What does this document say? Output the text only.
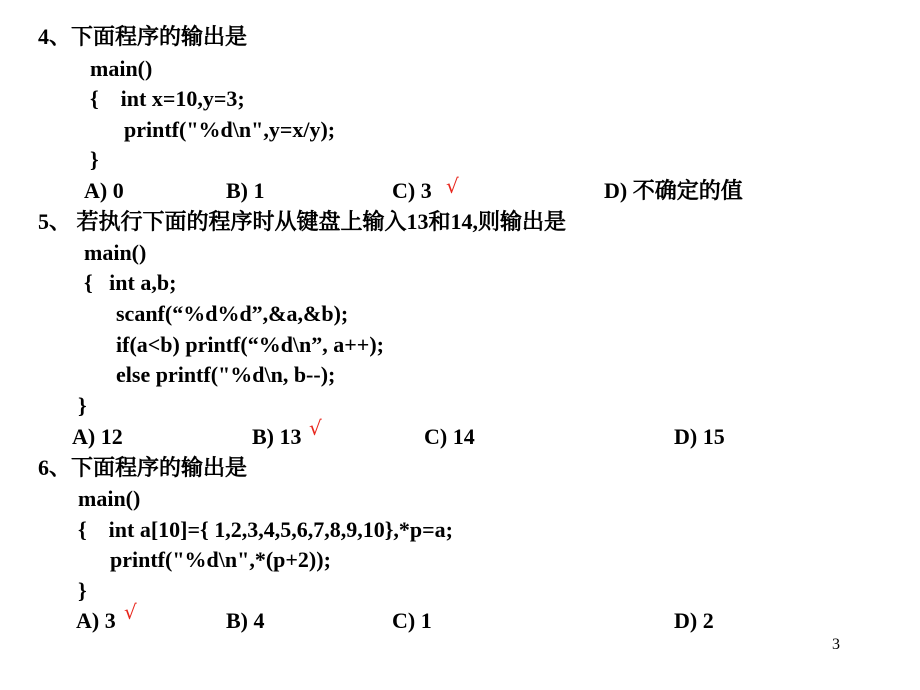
4、下面程序的输出是
main()
{    int x=10,y=3;
printf("%d\n",y=x/y);
}
A) 0	B) 1	C) 3 √	D) 不确定的值
5、 若执行下面的程序时从键盘上输入13和14,则输出是
main()
{   int a,b;
scanf(“%d%d”,&a,&b);
if(a<b) printf(“%d\n”, a++);
else printf("%d\n, b--);
}
A) 12	B) 13 √	C) 14	D) 15
6、下面程序的输出是
main()
{    int a[10]={ 1,2,3,4,5,6,7,8,9,10},*p=a;
printf("%d\n",*(p+2));
}
A) 3 √	B) 4	C) 1	D) 2
3
